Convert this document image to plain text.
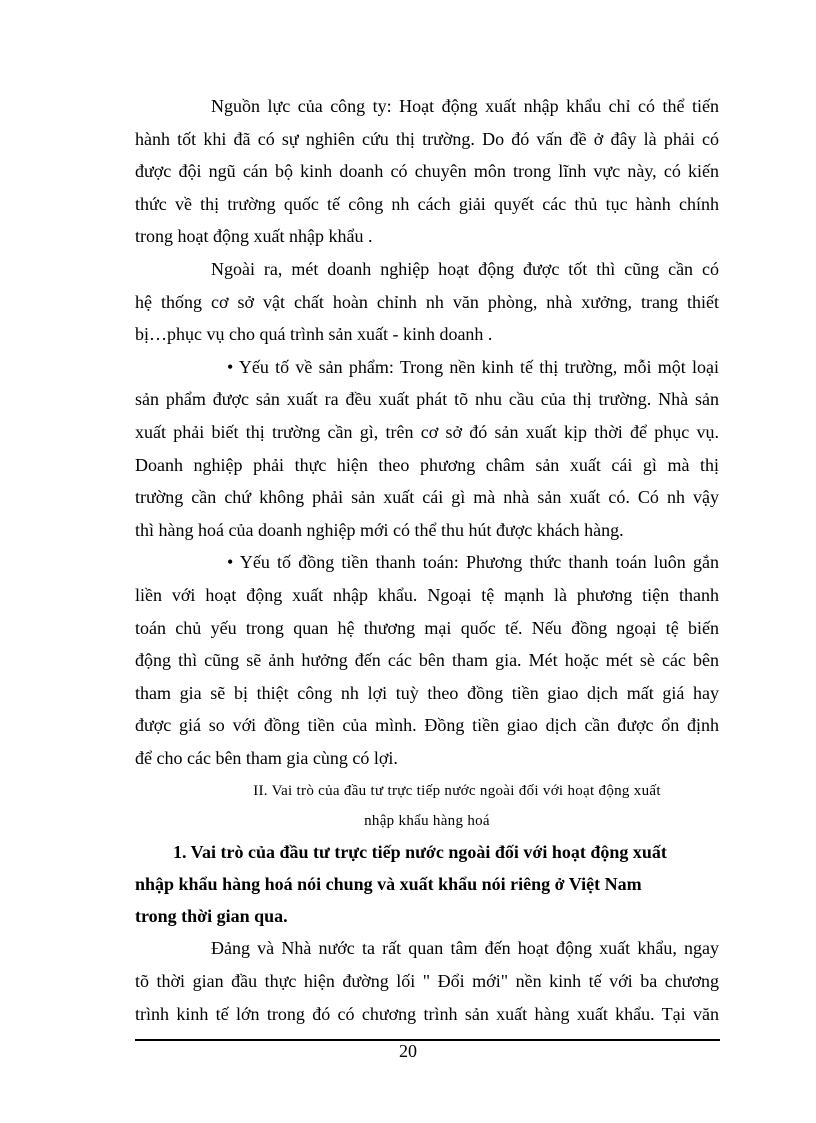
Nguồn lực của công ty: Hoạt động xuất nhập khẩu chỉ có thể tiến

hành tốt khi đã có sự nghiên cứu thị trường. Do đó vấn đề ở đây là phải có

được đội ngũ cán bộ kinh doanh có chuyên môn trong lĩnh vực này, có kiến

thức về thị trường quốc tế công nh cách giải quyết các thủ tục hành chính

trong hoạt động xuất nhập khẩu .

Ngoài ra, mét doanh nghiệp hoạt động được tốt thì cũng cần có

hệ thống cơ sở vật chất hoàn chỉnh nh văn phòng, nhà xưởng, trang thiết

bị…phục vụ cho quá trình sản xuất - kinh doanh .

• Yếu tố về sản phẩm: Trong nền kinh tế thị trường, mỗi một loại

sản phẩm được sản xuất ra đều xuất phát tõ nhu cầu của thị trường. Nhà sản

xuất phải biết thị trường cần gì, trên cơ sở đó sản xuất kịp thời để phục vụ.

Doanh nghiệp phải thực hiện theo phương châm sản xuất cái gì mà thị

trường cần chứ không phải sản xuất cái gì mà nhà sản xuất có. Có nh vậy

thì hàng hoá của doanh nghiệp mới có thể thu hút được khách hàng.

• Yếu tố đồng tiền thanh toán: Phương thức thanh toán luôn gắn

liền với hoạt động xuất nhập khẩu. Ngoại tệ mạnh là phương tiện thanh

toán chủ yếu trong quan hệ thương mại quốc tế. Nếu đồng ngoại tệ biến

động thì cũng sẽ ảnh hưởng đến các bên tham gia. Mét hoặc mét sè các bên

tham gia sẽ bị thiệt công nh lợi tuỳ theo đồng tiền giao dịch mất giá hay

được giá so với đồng tiền của mình. Đồng tiền giao dịch cần được ổn định

để cho các bên tham gia cùng có lợi.

II. Vai trò của đầu tư trực tiếp nước ngoài đối với hoạt động xuất

nhập khẩu hàng hoá

1. Vai trò của đầu tư trực tiếp nước ngoài đối với hoạt động xuất

nhập khẩu hàng hoá nói chung và xuất khẩu nói riêng ở Việt Nam

trong thời gian qua.

Đảng và Nhà nước ta rất quan tâm đến hoạt động xuất khẩu, ngay

tõ thời gian đầu thực hiện đường lối " Đổi mới" nền kinh tế với ba chương

trình kinh tế lớn trong đó có chương trình sản xuất hàng xuất khẩu. Tại văn

20
